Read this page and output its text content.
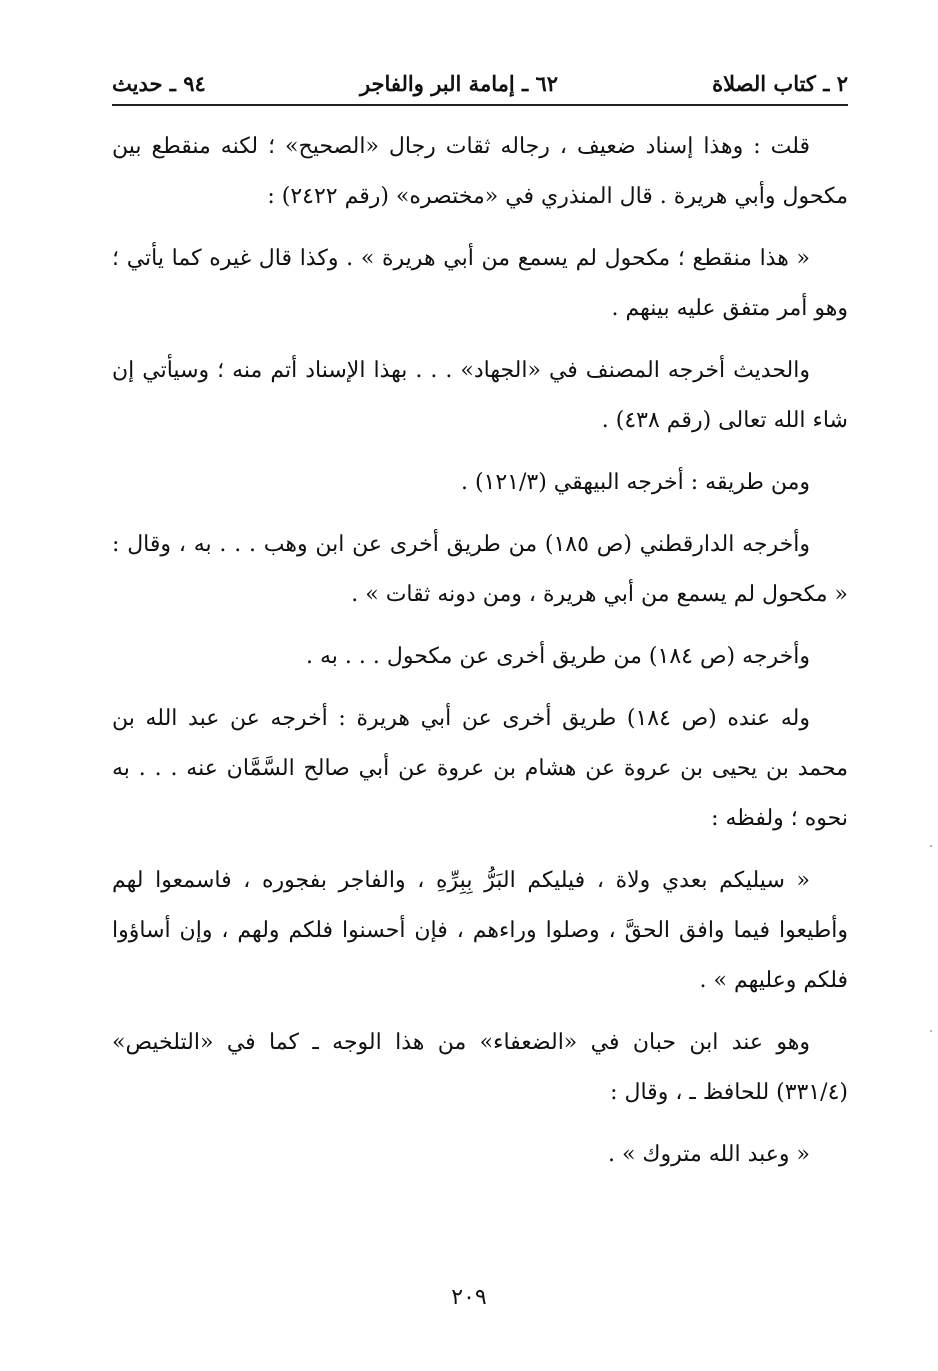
٢ ـ كتاب الصلاة
٦٢ ـ إمامة البر والفاجر
٩٤ ـ حديث

قلت : وهذا إسناد ضعيف ، رجاله ثقات رجال «الصحيح» ؛ لكنه منقطع بين مكحول وأبي هريرة . قال المنذري في «مختصره» (رقم ٢٤٢٢) :

« هذا منقطع ؛ مكحول لم يسمع من أبي هريرة » . وكذا قال غيره كما يأتي ؛ وهو أمر متفق عليه بينهم .

والحديث أخرجه المصنف في «الجهاد» . . . بهذا الإسناد أتم منه ؛ وسيأتي إن شاء الله تعالى (رقم ٤٣٨) .

ومن طريقه : أخرجه البيهقي (١٢١/٣) .

وأخرجه الدارقطني (ص ١٨٥) من طريق أخرى عن ابن وهب . . . به ، وقال : « مكحول لم يسمع من أبي هريرة ، ومن دونه ثقات » .

وأخرجه (ص ١٨٤) من طريق أخرى عن مكحول . . . به .

وله عنده (ص ١٨٤) طريق أخرى عن أبي هريرة : أخرجه عن عبد الله بن محمد بن يحيى بن عروة عن هشام بن عروة عن أبي صالح السَّمَّان عنه . . . به نحوه ؛ ولفظه :

« سيليكم بعدي ولاة ، فيليكم البَرُّ بِبِرِّهِ ، والفاجر بفجوره ، فاسمعوا لهم وأطيعوا فيما وافق الحقَّ ، وصلوا وراءهم ، فإن أحسنوا فلكم ولهم ، وإن أساؤوا فلكم وعليهم » .

وهو عند ابن حبان في «الضعفاء» من هذا الوجه ـ كما في «التلخيص» (٣٣١/٤) للحافظ ـ ، وقال :

« وعبد الله متروك » .

٢٠٩
